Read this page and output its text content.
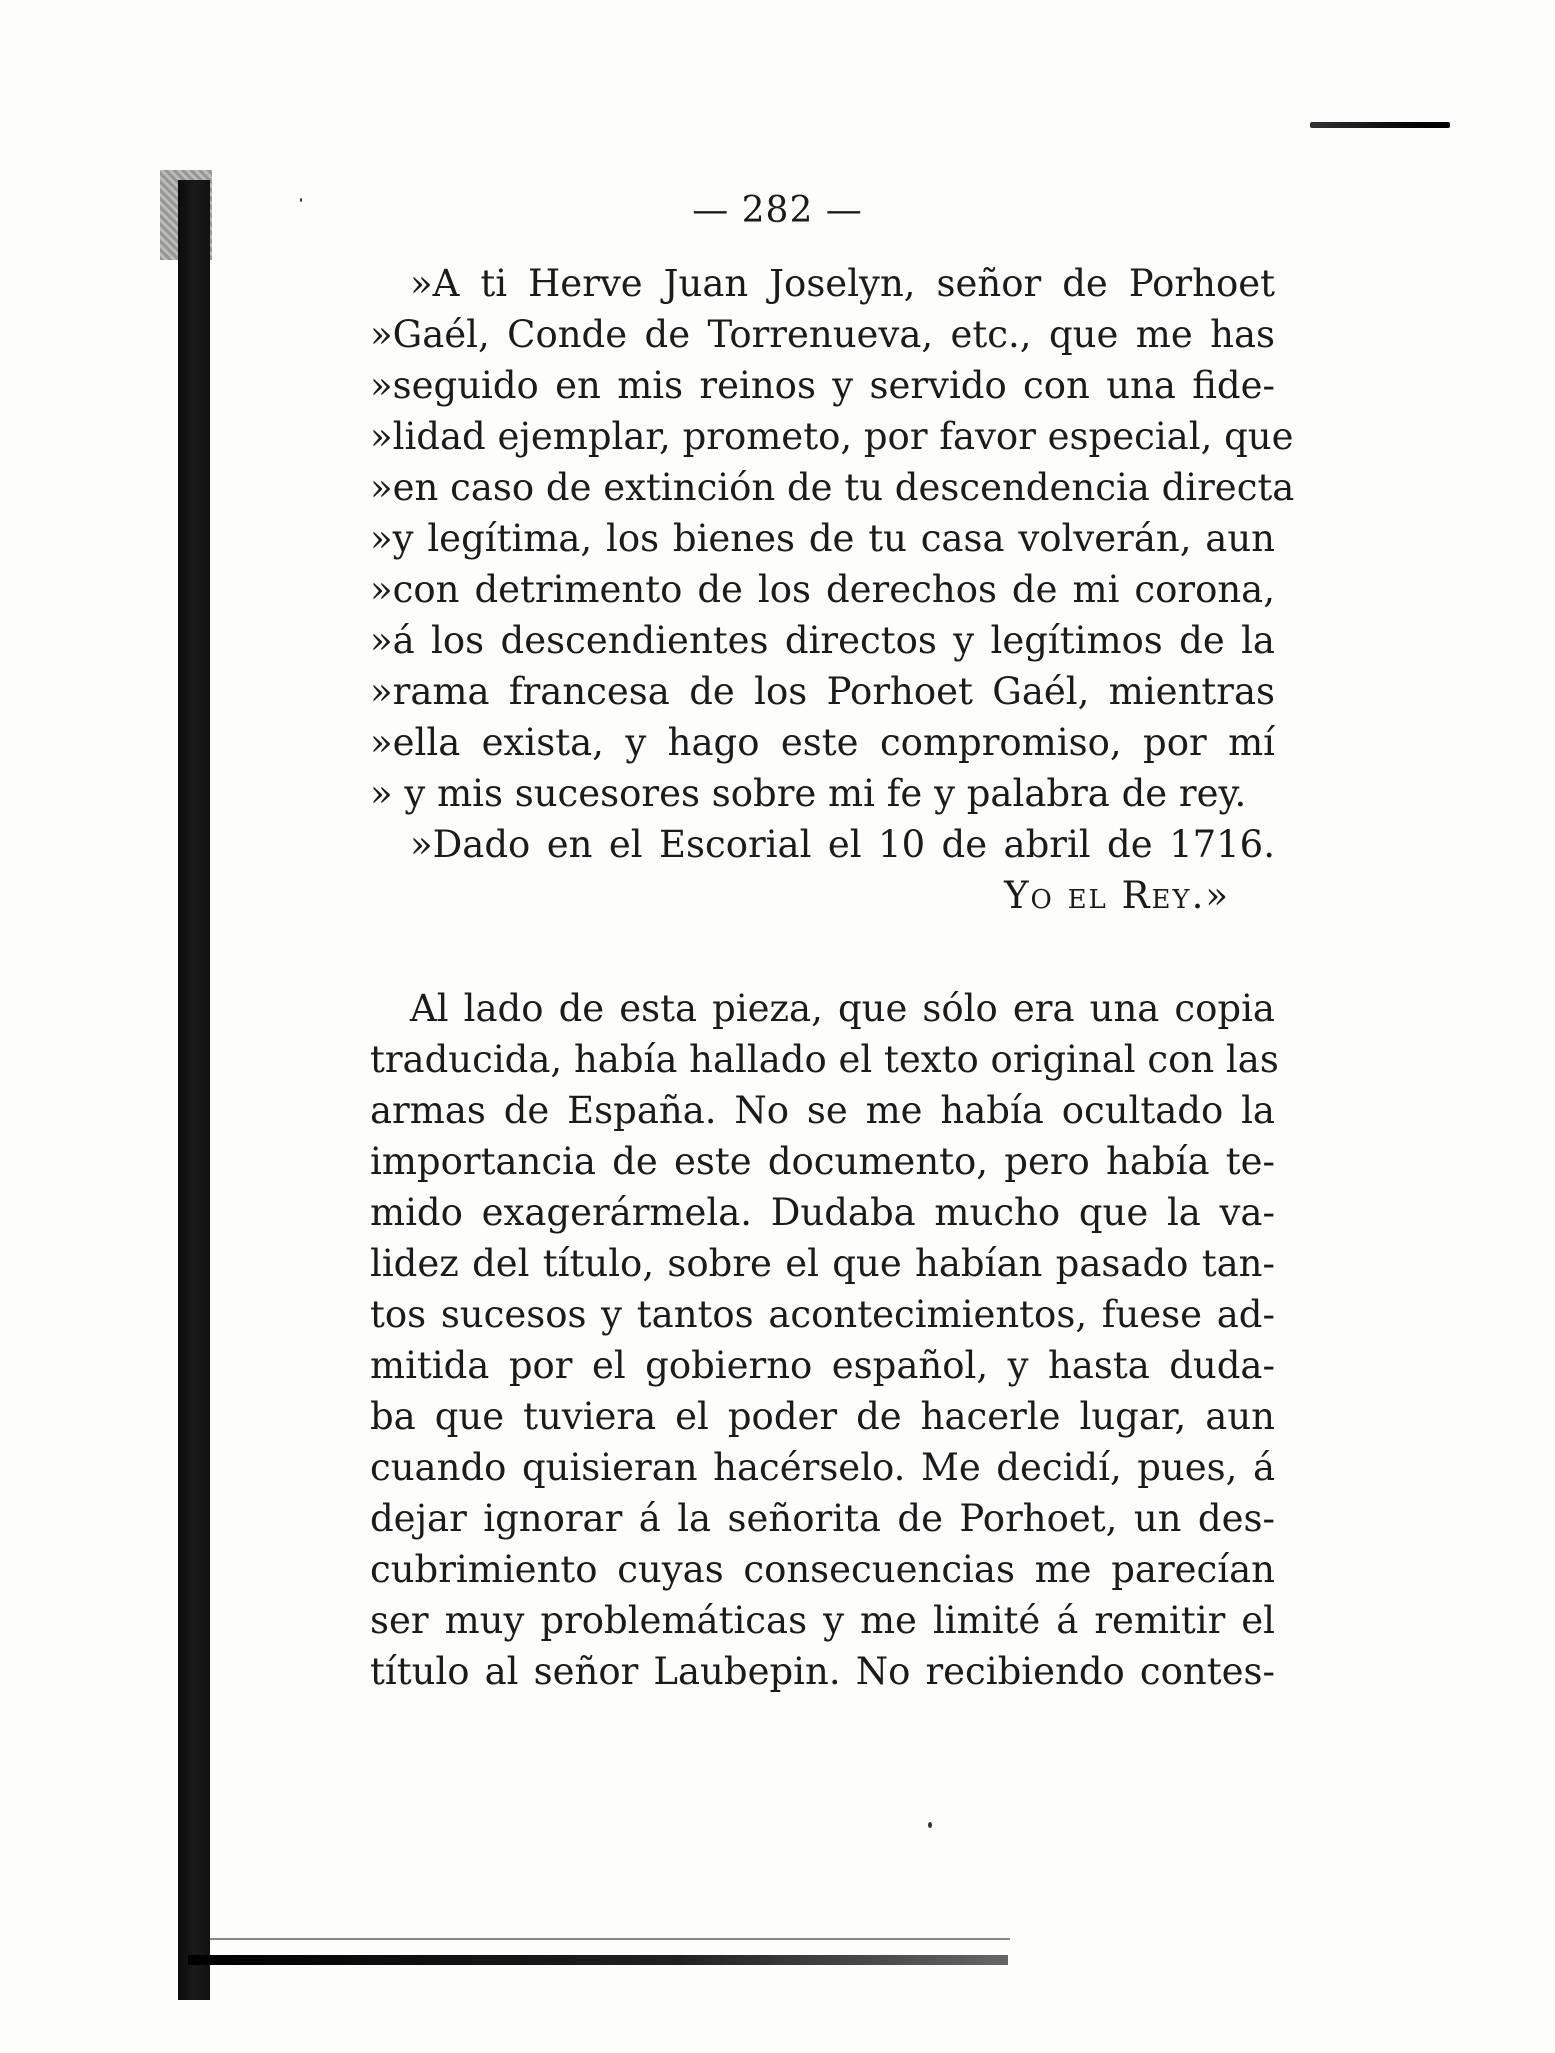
— 282 —
»A ti Herve Juan Joselyn, señor de Porhoet
»Gaél, Conde de Torrenueva, etc., que me has
»seguido en mis reinos y servido con una fide-
»lidad ejemplar, prometo, por favor especial, que
»en caso de extinción de tu descendencia directa
»y legítima, los bienes de tu casa volverán, aun
»con detrimento de los derechos de mi corona,
»á los descendientes directos y legítimos de la
»rama francesa de los Porhoet Gaél, mientras
»ella exista, y hago este compromiso, por mí
» y mis sucesores sobre mi fe y palabra de rey.
»Dado en el Escorial el 10 de abril de 1716.
Yo el Rey.»
Al lado de esta pieza, que sólo era una copia
traducida, había hallado el texto original con las
armas de España. No se me había ocultado la
importancia de este documento, pero había te-
mido exagerármela. Dudaba mucho que la va-
lidez del título, sobre el que habían pasado tan-
tos sucesos y tantos acontecimientos, fuese ad-
mitida por el gobierno español, y hasta duda-
ba que tuviera el poder de hacerle lugar, aun
cuando quisieran hacérselo. Me decidí, pues, á
dejar ignorar á la señorita de Porhoet, un des-
cubrimiento cuyas consecuencias me parecían
ser muy problemáticas y me limité á remitir el
título al señor Laubepin. No recibiendo contes-
